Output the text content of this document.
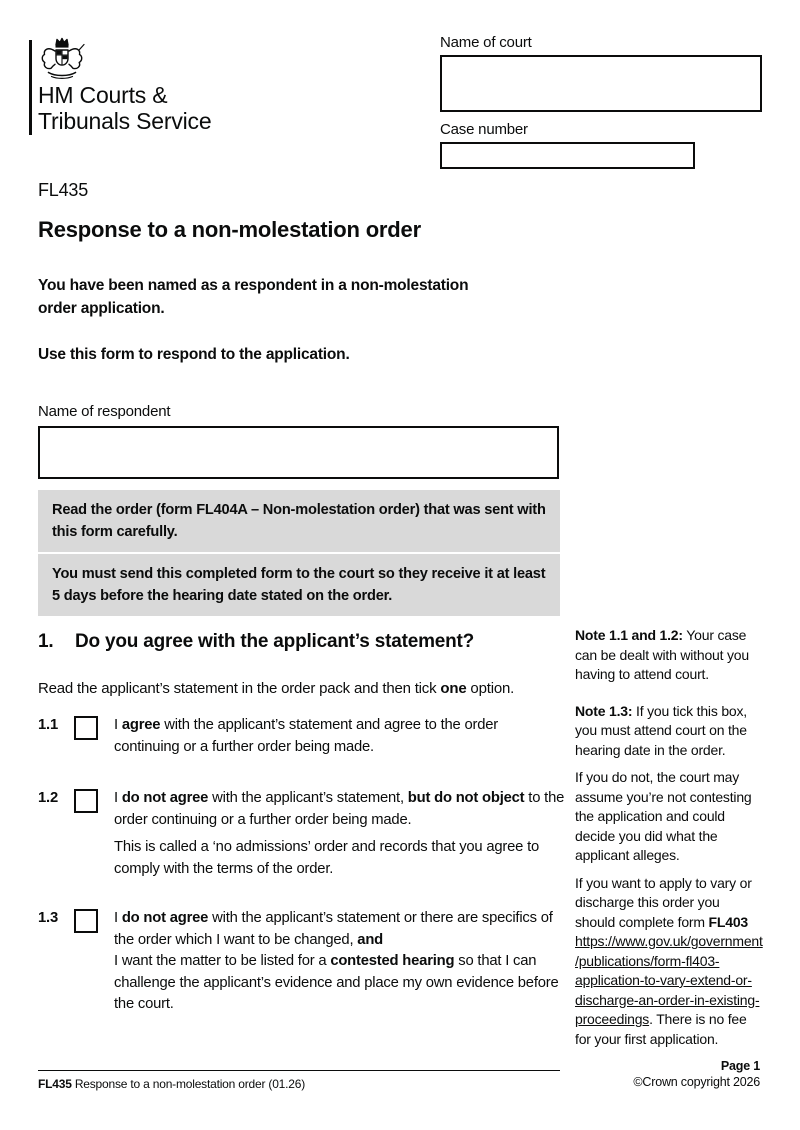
HM Courts &
Tribunals Service
FL435
Name of court
Case number
Response to a non-molestation order

You have been named as a respondent in a non-molestation
order application.

Use this form to respond to the application.

Name of respondent
Read the order (form FL404A – Non-molestation order) that was sent with this form carefully.
You must send this completed form to the court so they receive it at least 5 days before the hearing date stated on the order.
1. Do you agree with the applicant’s statement?

Read the applicant’s statement in the order pack and then tick one option.

1.1	I agree with the applicant’s statement and agree to the order continuing or a further order being made.

1.2	I do not agree with the applicant’s statement, but do not object to the order continuing or a further order being made.

This is called a ‘no admissions’ order and records that you agree to comply with the terms of the order.

1.3	I do not agree with the applicant’s statement or there are specifics of the order which I want to be changed, and
I want the matter to be listed for a contested hearing so that I can challenge the applicant’s evidence and place my own evidence before the court.

Note 1.1 and 1.2: Your case can be dealt with without you having to attend court.

Note 1.3: If you tick this box, you must attend court on the hearing date in the order.

If you do not, the court may assume you’re not contesting the application and could decide you did what the applicant alleges.

If you want to apply to vary or discharge this order you should complete form FL403 https://www.gov.uk/government/publications/form-fl403-application-to-vary-extend-or-discharge-an-order-in-existing-proceedings. There is no fee for your first application.

FL435 Response to a non-molestation order (01.26)

Page 1
©Crown copyright 2026
